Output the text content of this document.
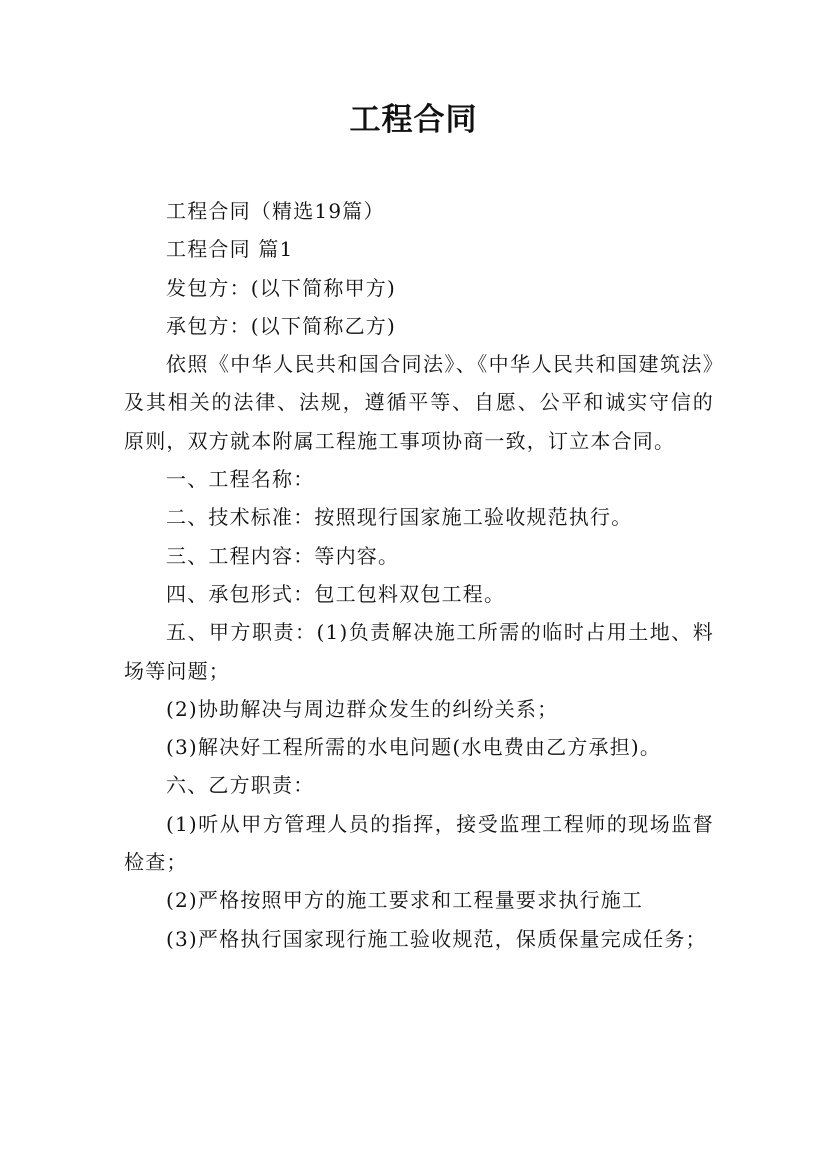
工程合同

工程合同（精选19篇）

工程合同 篇1

发包方：(以下简称甲方)

承包方：(以下简称乙方)

依照《中华人民共和国合同法》、《中华人民共和国建筑法》及其相关的法律、法规，遵循平等、自愿、公平和诚实守信的原则，双方就本附属工程施工事项协商一致，订立本合同。

一、工程名称：

二、技术标准：按照现行国家施工验收规范执行。

三、工程内容：等内容。

四、承包形式：包工包料双包工程。

五、甲方职责：(1)负责解决施工所需的临时占用土地、料场等问题；

(2)协助解决与周边群众发生的纠纷关系；

(3)解决好工程所需的水电问题(水电费由乙方承担)。

六、乙方职责：

(1)听从甲方管理人员的指挥，接受监理工程师的现场监督检查；

(2)严格按照甲方的施工要求和工程量要求执行施工

(3)严格执行国家现行施工验收规范，保质保量完成任务；
